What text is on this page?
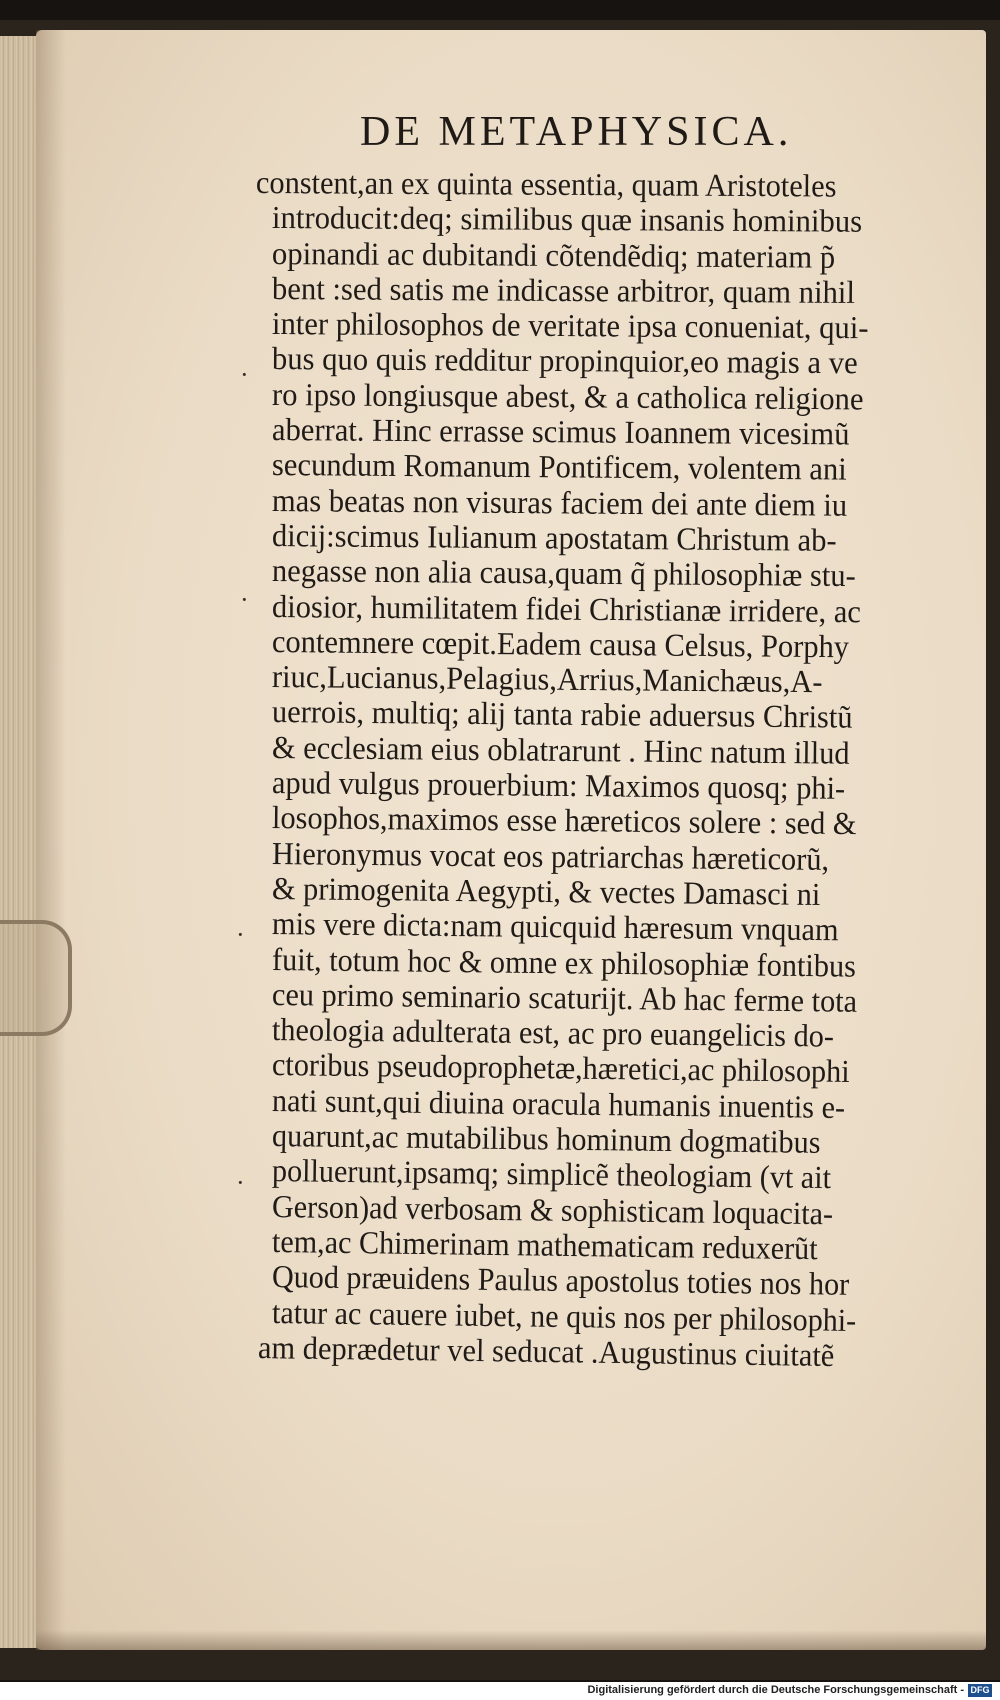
DE METAPHYSICA.
constent,an ex quinta essentia, quam Aristoteles
introducit:deq; similibus quæ insanis hominibus
opinandi ac dubitandi cõtendẽdiq; materiam p̃
bent :sed satis me indicasse arbitror, quam nihil
inter philosophos de veritate ipsa conueniat, qui-
bus quo quis redditur propinquior,eo magis a ve
ro ipso longiusque abest, & a catholica religione
aberrat. Hinc errasse scimus Ioannem vicesimũ
secundum Romanum Pontificem, volentem ani
mas beatas non visuras faciem dei ante diem iu
dicij:scimus Iulianum apostatam Christum ab-
negasse non alia causa,quam q̃ philosophiæ stu-
diosior, humilitatem fidei Christianæ irridere, ac
contemnere cœpit.Eadem causa Celsus, Porphy
riuc,Lucianus,Pelagius,Arrius,Manichæus,A-
uerrois, multiq; alij tanta rabie aduersus Christũ
& ecclesiam eius oblatrarunt . Hinc natum illud
apud vulgus prouerbium: Maximos quosq; phi-
losophos,maximos esse hæreticos solere : sed &
Hieronymus vocat eos patriarchas hæreticorũ,
& primogenita Aegypti, & vectes Damasci ni
mis vere dicta:nam quicquid hæresum vnquam
fuit, totum hoc & omne ex philosophiæ fontibus
ceu primo seminario scaturijt. Ab hac ferme tota
theologia adulterata est, ac pro euangelicis do-
ctoribus pseudoprophetæ,hæretici,ac philosophi
nati sunt,qui diuina oracula humanis inuentis e-
quarunt,ac mutabilibus hominum dogmatibus
polluerunt,ipsamq; simplicẽ theologiam (vt ait
Gerson)ad verbosam & sophisticam loquacita-
tem,ac Chimerinam mathematicam reduxerũt
Quod præuidens Paulus apostolus toties nos hor
tatur ac cauere iubet, ne quis nos per philosophi-
am deprædetur vel seducat .Augustinus ciuitatẽ
·
·
·
·
Digitalisierung gefördert durch die Deutsche Forschungsgemeinschaft - DFG
